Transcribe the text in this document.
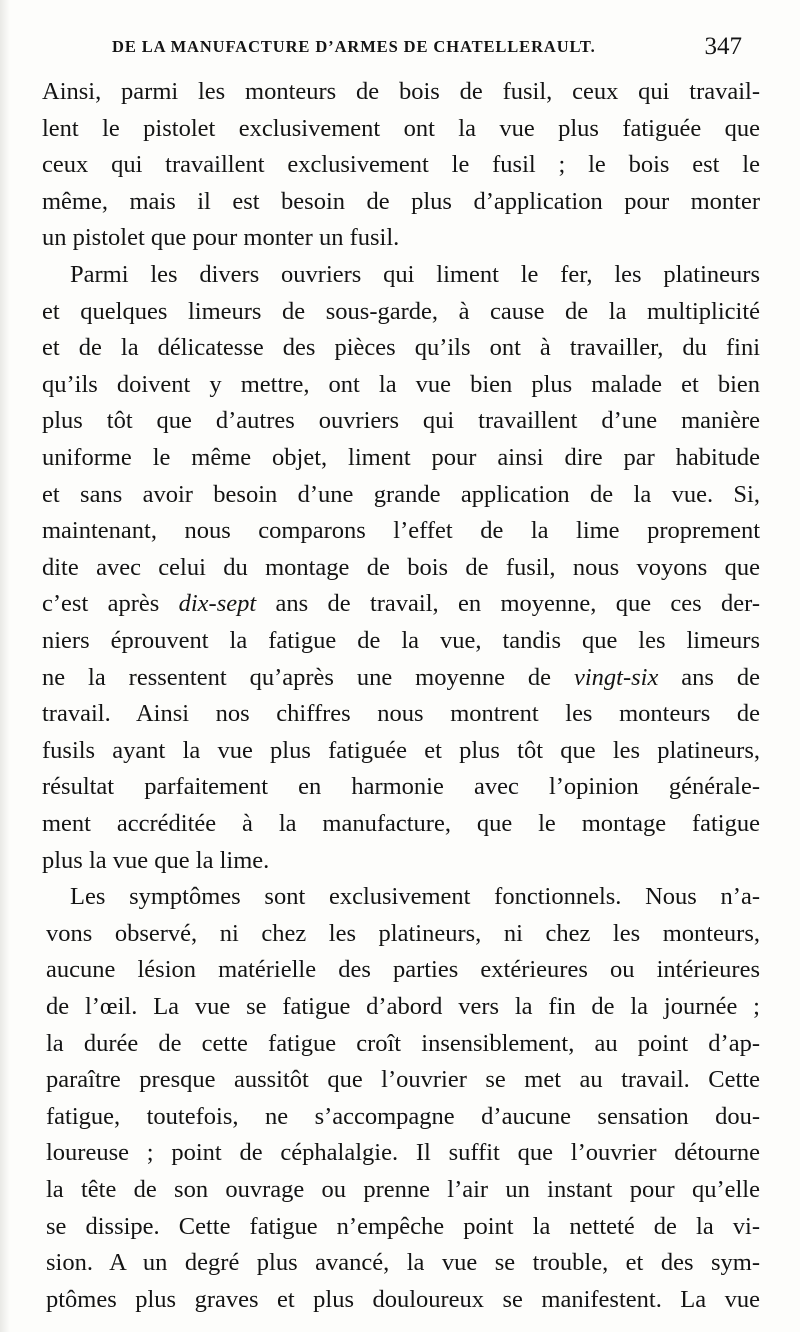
DE LA MANUFACTURE D’ARMES DE CHATELLERAULT.	347
Ainsi, parmi les monteurs de bois de fusil, ceux qui travail-
lent le pistolet exclusivement ont la vue plus fatiguée que
ceux qui travaillent exclusivement le fusil ; le bois est le
même, mais il est besoin de plus d’application pour monter
un pistolet que pour monter un fusil.
Parmi les divers ouvriers qui liment le fer, les platineurs
et quelques limeurs de sous-garde, à cause de la multiplicité
et de la délicatesse des pièces qu’ils ont à travailler, du fini
qu’ils doivent y mettre, ont la vue bien plus malade et bien
plus tôt que d’autres ouvriers qui travaillent d’une manière
uniforme le même objet, liment pour ainsi dire par habitude
et sans avoir besoin d’une grande application de la vue. Si,
maintenant, nous comparons l’effet de la lime proprement
dite avec celui du montage de bois de fusil, nous voyons que
c’est après dix-sept ans de travail, en moyenne, que ces der-
niers éprouvent la fatigue de la vue, tandis que les limeurs
ne la ressentent qu’après une moyenne de vingt-six ans de
travail. Ainsi nos chiffres nous montrent les monteurs de
fusils ayant la vue plus fatiguée et plus tôt que les platineurs,
résultat parfaitement en harmonie avec l’opinion générale-
ment accréditée à la manufacture, que le montage fatigue
plus la vue que la lime.
Les symptômes sont exclusivement fonctionnels. Nous n’a-
vons observé, ni chez les platineurs, ni chez les monteurs,
aucune lésion matérielle des parties extérieures ou intérieures
de l’œil. La vue se fatigue d’abord vers la fin de la journée ;
la durée de cette fatigue croît insensiblement, au point d’ap-
paraître presque aussitôt que l’ouvrier se met au travail. Cette
fatigue, toutefois, ne s’accompagne d’aucune sensation dou-
loureuse ; point de céphalalgie. Il suffit que l’ouvrier détourne
la tête de son ouvrage ou prenne l’air un instant pour qu’elle
se dissipe. Cette fatigue n’empêche point la netteté de la vi-
sion. A un degré plus avancé, la vue se trouble, et des sym-
ptômes plus graves et plus douloureux se manifestent. La vue
